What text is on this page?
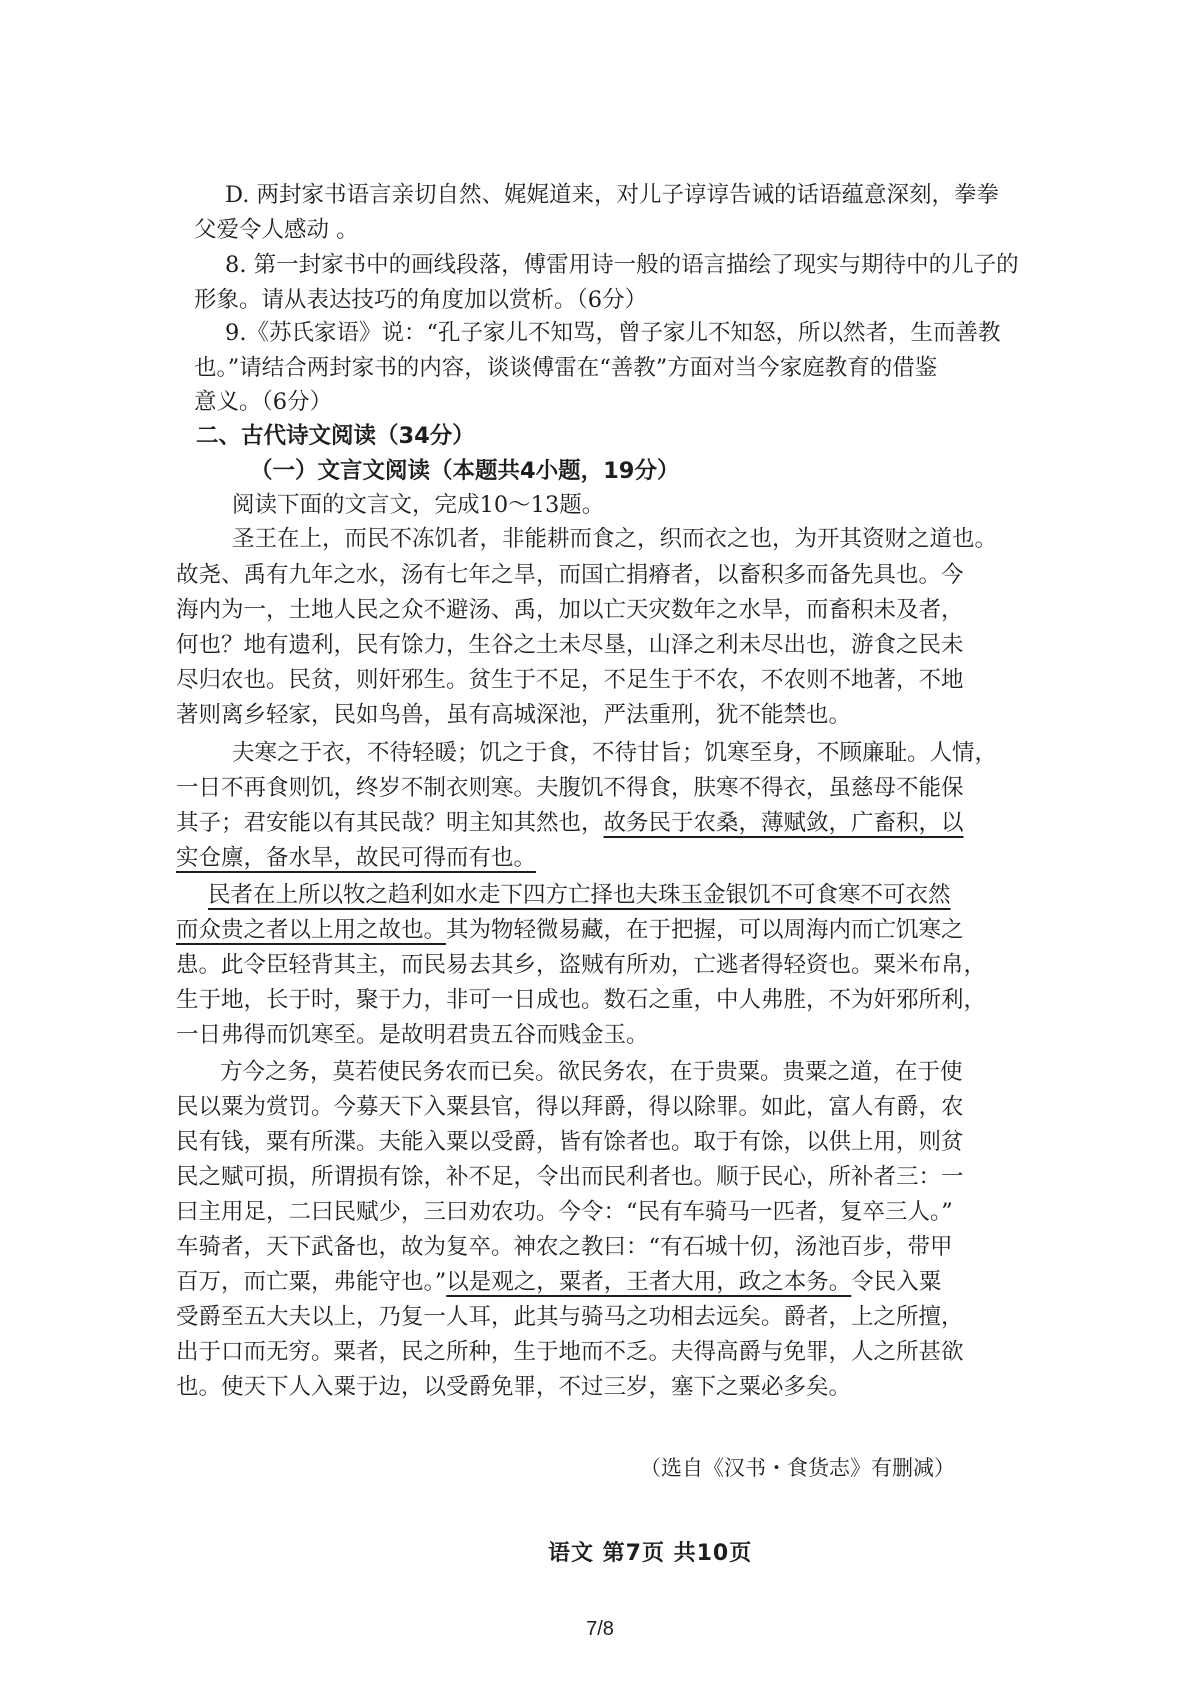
D. 两封家书语言亲切自然、娓娓道来，对儿子谆谆告诫的话语蕴意深刻，拳拳
父爱令人感动 。
8. 第一封家书中的画线段落，傅雷用诗一般的语言描绘了现实与期待中的儿子的
形象。请从表达技巧的角度加以赏析。（6分）
9.《苏氏家语》说：“孔子家儿不知骂，曾子家儿不知怒，所以然者，生而善教
也。”请结合两封家书的内容，谈谈傅雷在“善教”方面对当今家庭教育的借鉴
意义。（6分）
二、古代诗文阅读（34分）
（一）文言文阅读（本题共4小题，19分）
阅读下面的文言文，完成10～13题。
圣王在上，而民不冻饥者，非能耕而食之，织而衣之也，为开其资财之道也。
故尧、禹有九年之水，汤有七年之旱，而国亡捐瘠者，以畜积多而备先具也。今
海内为一，土地人民之众不避汤、禹，加以亡天灾数年之水旱，而畜积未及者，
何也？地有遗利，民有馀力，生谷之土未尽垦，山泽之利未尽出也，游食之民未
尽归农也。民贫，则奸邪生。贫生于不足，不足生于不农，不农则不地著，不地
著则离乡轻家，民如鸟兽，虽有高城深池，严法重刑，犹不能禁也。
夫寒之于衣，不待轻暖；饥之于食，不待甘旨；饥寒至身，不顾廉耻。人情，
一日不再食则饥，终岁不制衣则寒。夫腹饥不得食，肤寒不得衣，虽慈母不能保
其子；君安能以有其民哉？明主知其然也，故务民于农桑，薄赋敛，广畜积，以
实仓廪，备水旱，故民可得而有也。
民者在上所以牧之趋利如水走下四方亡择也夫珠玉金银饥不可食寒不可衣然
而众贵之者以上用之故也。其为物轻微易藏，在于把握，可以周海内而亡饥寒之
患。此令臣轻背其主，而民易去其乡，盗贼有所劝，亡逃者得轻资也。粟米布帛，
生于地，长于时，聚于力，非可一日成也。数石之重，中人弗胜，不为奸邪所利，
一日弗得而饥寒至。是故明君贵五谷而贱金玉。
方今之务，莫若使民务农而已矣。欲民务农，在于贵粟。贵粟之道，在于使
民以粟为赏罚。今募天下入粟县官，得以拜爵，得以除罪。如此，富人有爵，农
民有钱，粟有所渫。夫能入粟以受爵，皆有馀者也。取于有馀，以供上用，则贫
民之赋可损，所谓损有馀，补不足，令出而民利者也。顺于民心，所补者三：一
曰主用足，二曰民赋少，三曰劝农功。今令：“民有车骑马一匹者，复卒三人。”
车骑者，天下武备也，故为复卒。神农之教曰：“有石城十仞，汤池百步，带甲
百万，而亡粟，弗能守也。”以是观之，粟者，王者大用，政之本务。令民入粟
受爵至五大夫以上，乃复一人耳，此其与骑马之功相去远矣。爵者，上之所擅，
出于口而无穷。粟者，民之所种，生于地而不乏。夫得高爵与免罪，人之所甚欲
也。使天下人入粟于边，以受爵免罪，不过三岁，塞下之粟必多矣。
（选自《汉书・食货志》有删减）
语文 第7页 共10页
7/8
